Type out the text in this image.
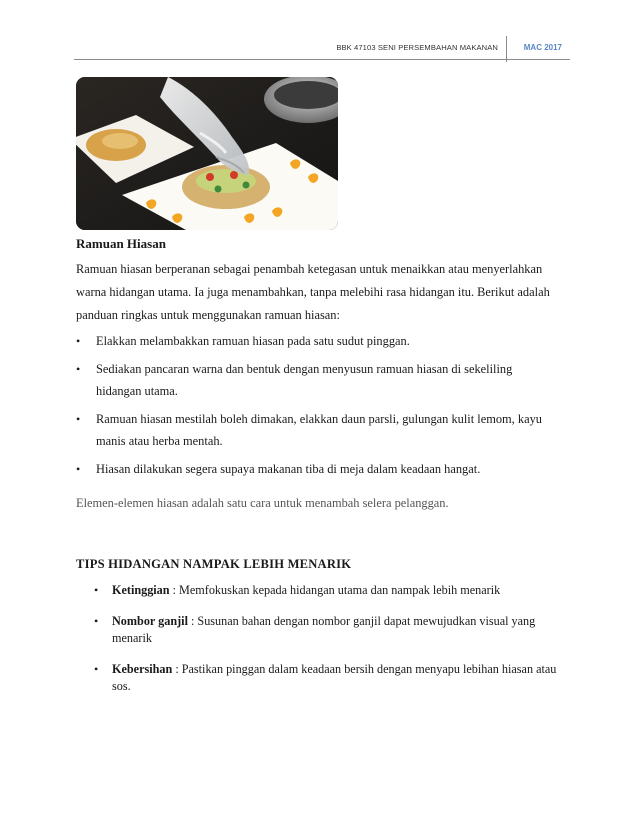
BBK 47103 SENI PERSEMBAHAN MAKANAN	MAC 2017
Ramuan Hiasan
Ramuan hiasan berperanan sebagai penambah ketegasan untuk menaikkan atau menyerlahkan
warna hidangan utama. Ia juga menambahkan, tanpa melebihi rasa hidangan itu. Berikut adalah
panduan ringkas untuk menggunakan ramuan hiasan:
• Elakkan melambakkan ramuan hiasan pada satu sudut pinggan.
• Sediakan pancaran warna dan bentuk dengan menyusun ramuan hiasan di sekeliling hidangan utama.
• Ramuan hiasan mestilah boleh dimakan, elakkan daun parsli, gulungan kulit lemom, kayu manis atau herba mentah.
• Hiasan dilakukan segera supaya makanan tiba di meja dalam keadaan hangat.
Elemen-elemen hiasan adalah satu cara untuk menambah selera pelanggan.
TIPS HIDANGAN NAMPAK LEBIH MENARIK
• Ketinggian : Memfokuskan kepada hidangan utama dan nampak lebih menarik
• Nombor ganjil : Susunan bahan dengan nombor ganjil dapat mewujudkan visual yang menarik
• Kebersihan : Pastikan pinggan dalam keadaan bersih dengan menyapu lebihan hiasan atau sos.
